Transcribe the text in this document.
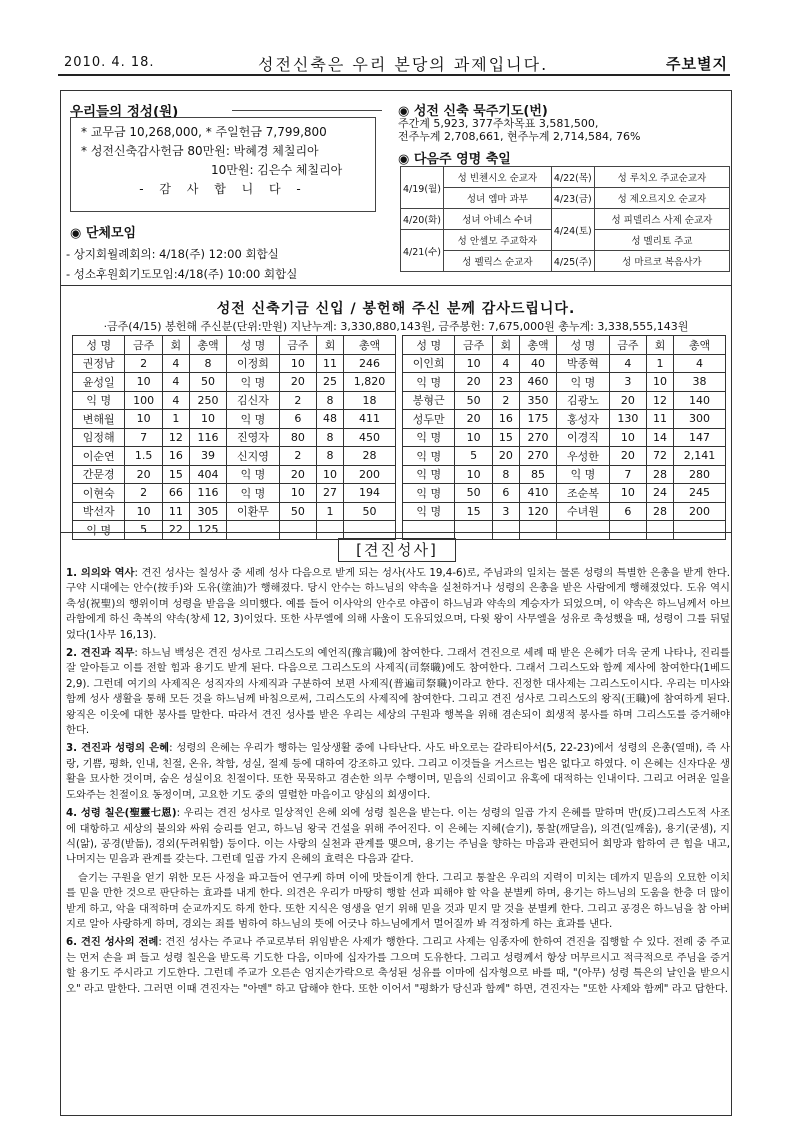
2010. 4. 18.	성전신축은 우리 본당의 과제입니다.	주보별지
우리들의 정성(원)
* 교무금 10,268,000, * 주일헌금 7,799,800
* 성전신축감사헌금 80만원: 박혜경 체칠리아
10만원: 김은수 체칠리아
- 감 사 합 니 다 -
◉ 단체모임
- 상지회월례회의: 4/18(주) 12:00 회합실
- 성소후원회기도모임:4/18(주) 10:00 회합실
◉ 성전 신축 묵주기도(번)
주간계 5,923, 377주차목표 3,581,500,
전주누계 2,708,661, 현주누계 2,714,584, 76%
◉ 다음주 영명 축일
4/19(월)	성 빈첸시오 순교자	4/22(목)	성 루치오 주교순교자
	성녀 엠마 과부	4/23(금)	성 제오르지오 순교자
4/20(화)	성녀 아녜스 수녀	4/24(토)	성 피델리스 사제 순교자
4/21(수)	성 안셀모 주교학자		성 멜리토 주교
	성 펠릭스 순교자	4/25(주)	성 마르코 복음사가
성전 신축기금 신입 / 봉헌해 주신 분께 감사드립니다.
·금주(4/15) 봉헌해 주신분(단위:만원) 지난누계: 3,330,880,143원, 금주봉헌: 7,675,000원 총누계: 3,338,555,143원
성 명	금주	회	총액	성 명	금주	회	총액
권정남	2	4	8	이정희	10	11	246
윤성일	10	4	50	익 명	20	25	1,820
익 명	100	4	250	김신자	2	8	18
변해월	10	1	10	익 명	6	48	411
임정해	7	12	116	진영자	80	8	450
이순연	1.5	16	39	신지영	2	8	28
간문경	20	15	404	익 명	20	10	200
이현숙	2	66	116	익 명	10	27	194
박선자	10	11	305	이환무	50	1	50
익 명	5	22	125				
성 명	금주	회	총액	성 명	금주	회	총액
이인희	10	4	40	박종혁	4	1	4
익 명	20	23	460	익 명	3	10	38
봉형근	50	2	350	김광노	20	12	140
성두만	20	16	175	홍성자	130	11	300
익 명	10	15	270	이경직	10	14	147
익 명	5	20	270	우성한	20	72	2,141
익 명	10	8	85	익 명	7	28	280
익 명	50	6	410	조순복	10	24	245
익 명	15	3	120	수녀원	6	28	200

[견진성사]

1. 의의와 역사: 견진 성사는 칠성사 중 세례 성사 다음으로 받게 되는 성사(사도 19,4-6)로, 주님과의 일치는 물론 성령의 특별한 은총을 받게 한다. 구약 시대에는 안수(按手)와 도유(塗油)가 행해졌다. 당시 안수는 하느님의 약속을 실천하거나 성령의 은총을 받은 사람에게 행해졌었다. 도유 역시 축성(祝聖)의 행위이며 성령을 받음을 의미했다. 예를 들어 이사악의 안수로 야곱이 하느님과 약속의 계승자가 되었으며, 이 약속은 하느님께서 아브라함에게 하신 축복의 약속(창세 12, 3)이었다. 또한 사무엘에 의해 사울이 도유되었으며, 다윗 왕이 사무엘을 성유로 축성했을 때, 성령이 그를 뒤덮었다(1사무 16,13).

2. 견진과 직무: 하느님 백성은 견진 성사로 그리스도의 예언직(豫言職)에 참여한다. 그래서 견진으로 세례 때 받은 은혜가 더욱 굳게 나타나, 진리를 잘 알아듣고 이를 전할 힘과 용기도 받게 된다. 다음으로 그리스도의 사제직(司祭職)에도 참여한다. 그래서 그리스도와 함께 제사에 참여한다(1베드 2,9). 그런데 여기의 사제직은 성직자의 사제직과 구분하여 보편 사제직(普遍司祭職)이라고 한다. 진정한 대사제는 그리스도이시다. 우리는 미사와 함께 성사 생활을 통해 모든 것을 하느님께 바침으로써, 그리스도의 사제직에 참여한다. 그리고 견진 성사로 그리스도의 왕직(王職)에 참여하게 된다. 왕직은 이웃에 대한 봉사를 말한다. 따라서 견진 성사를 받은 우리는 세상의 구원과 행복을 위해 겸손되이 희생적 봉사를 하며 그리스도를 증거해야 한다.

3. 견진과 성령의 은혜: 성령의 은혜는 우리가 행하는 일상생활 중에 나타난다. 사도 바오로는 갈라티아서(5, 22-23)에서 성령의 은총(열매), 즉 사랑, 기쁨, 평화, 인내, 친절, 온유, 착함, 성실, 절제 등에 대하여 강조하고 있다. 그리고 이것들을 거스르는 법은 없다고 하였다. 이 은혜는 신자다운 생활을 묘사한 것이며, 숨은 성실이요 친절이다. 또한 묵묵하고 겸손한 의무 수행이며, 믿음의 신뢰이고 유혹에 대적하는 인내이다. 그리고 어려운 일을 도와주는 친절이요 동정이며, 고요한 기도 중의 열렬한 마음이고 양심의 희생이다.

4. 성령 칠은(聖靈七恩): 우리는 견진 성사로 일상적인 은혜 외에 성령 칠은을 받는다. 이는 성령의 일곱 가지 은혜를 말하며 반(反)그리스도적 사조에 대항하고 세상의 불의와 싸워 승리를 얻고, 하느님 왕국 건설을 위해 주어진다. 이 은혜는 지혜(슬기), 통찰(깨달음), 의견(일깨움), 용기(굳셈), 지식(앎), 공경(받듦), 경외(두려워함) 등이다. 이는 사랑의 실천과 관계를 맺으며, 용기는 주님을 향하는 마음과 관련되어 희망과 합하여 큰 힘을 내고, 나머지는 믿음과 관계를 갖는다. 그런데 일곱 가지 은혜의 효력은 다음과 같다.

슬기는 구원을 얻기 위한 모든 사정을 파고들어 연구케 하며 이에 맛들이게 한다. 그리고 통찰은 우리의 지력이 미치는 데까지 믿음의 오묘한 이치를 믿을 만한 것으로 판단하는 효과를 내게 한다. 의견은 우리가 마땅히 행할 선과 피해야 할 악을 분별케 하며, 용기는 하느님의 도움을 한층 더 많이 받게 하고, 악을 대적하며 순교까지도 하게 한다. 또한 지식은 영생을 얻기 위해 믿을 것과 믿지 말 것을 분별케 한다. 그리고 공경은 하느님을 참 아버지로 알아 사랑하게 하며, 경외는 죄를 범하여 하느님의 뜻에 어긋나 하느님에게서 멀어질까 봐 걱정하게 하는 효과를 낸다.

6. 견진 성사의 전례: 견진 성사는 주교나 주교로부터 위임받은 사제가 행한다. 그리고 사제는 임종자에 한하여 견진을 집행할 수 있다. 전례 중 주교는 먼저 손을 펴 들고 성령 칠은을 받도록 기도한 다음, 이마에 십자가를 그으며 도유한다. 그리고 성령께서 항상 머무르시고 적극적으로 주님을 증거할 용기도 주시라고 기도한다. 그런데 주교가 오른손 엄지손가락으로 축성된 성유를 이마에 십자형으로 바를 때, "(아무) 성령 특은의 날인을 받으시오" 라고 말한다. 그러면 이때 견진자는 "아멘" 하고 답해야 한다. 또한 이어서 "평화가 당신과 함께" 하면, 견진자는 "또한 사제와 함께" 라고 답한다.
